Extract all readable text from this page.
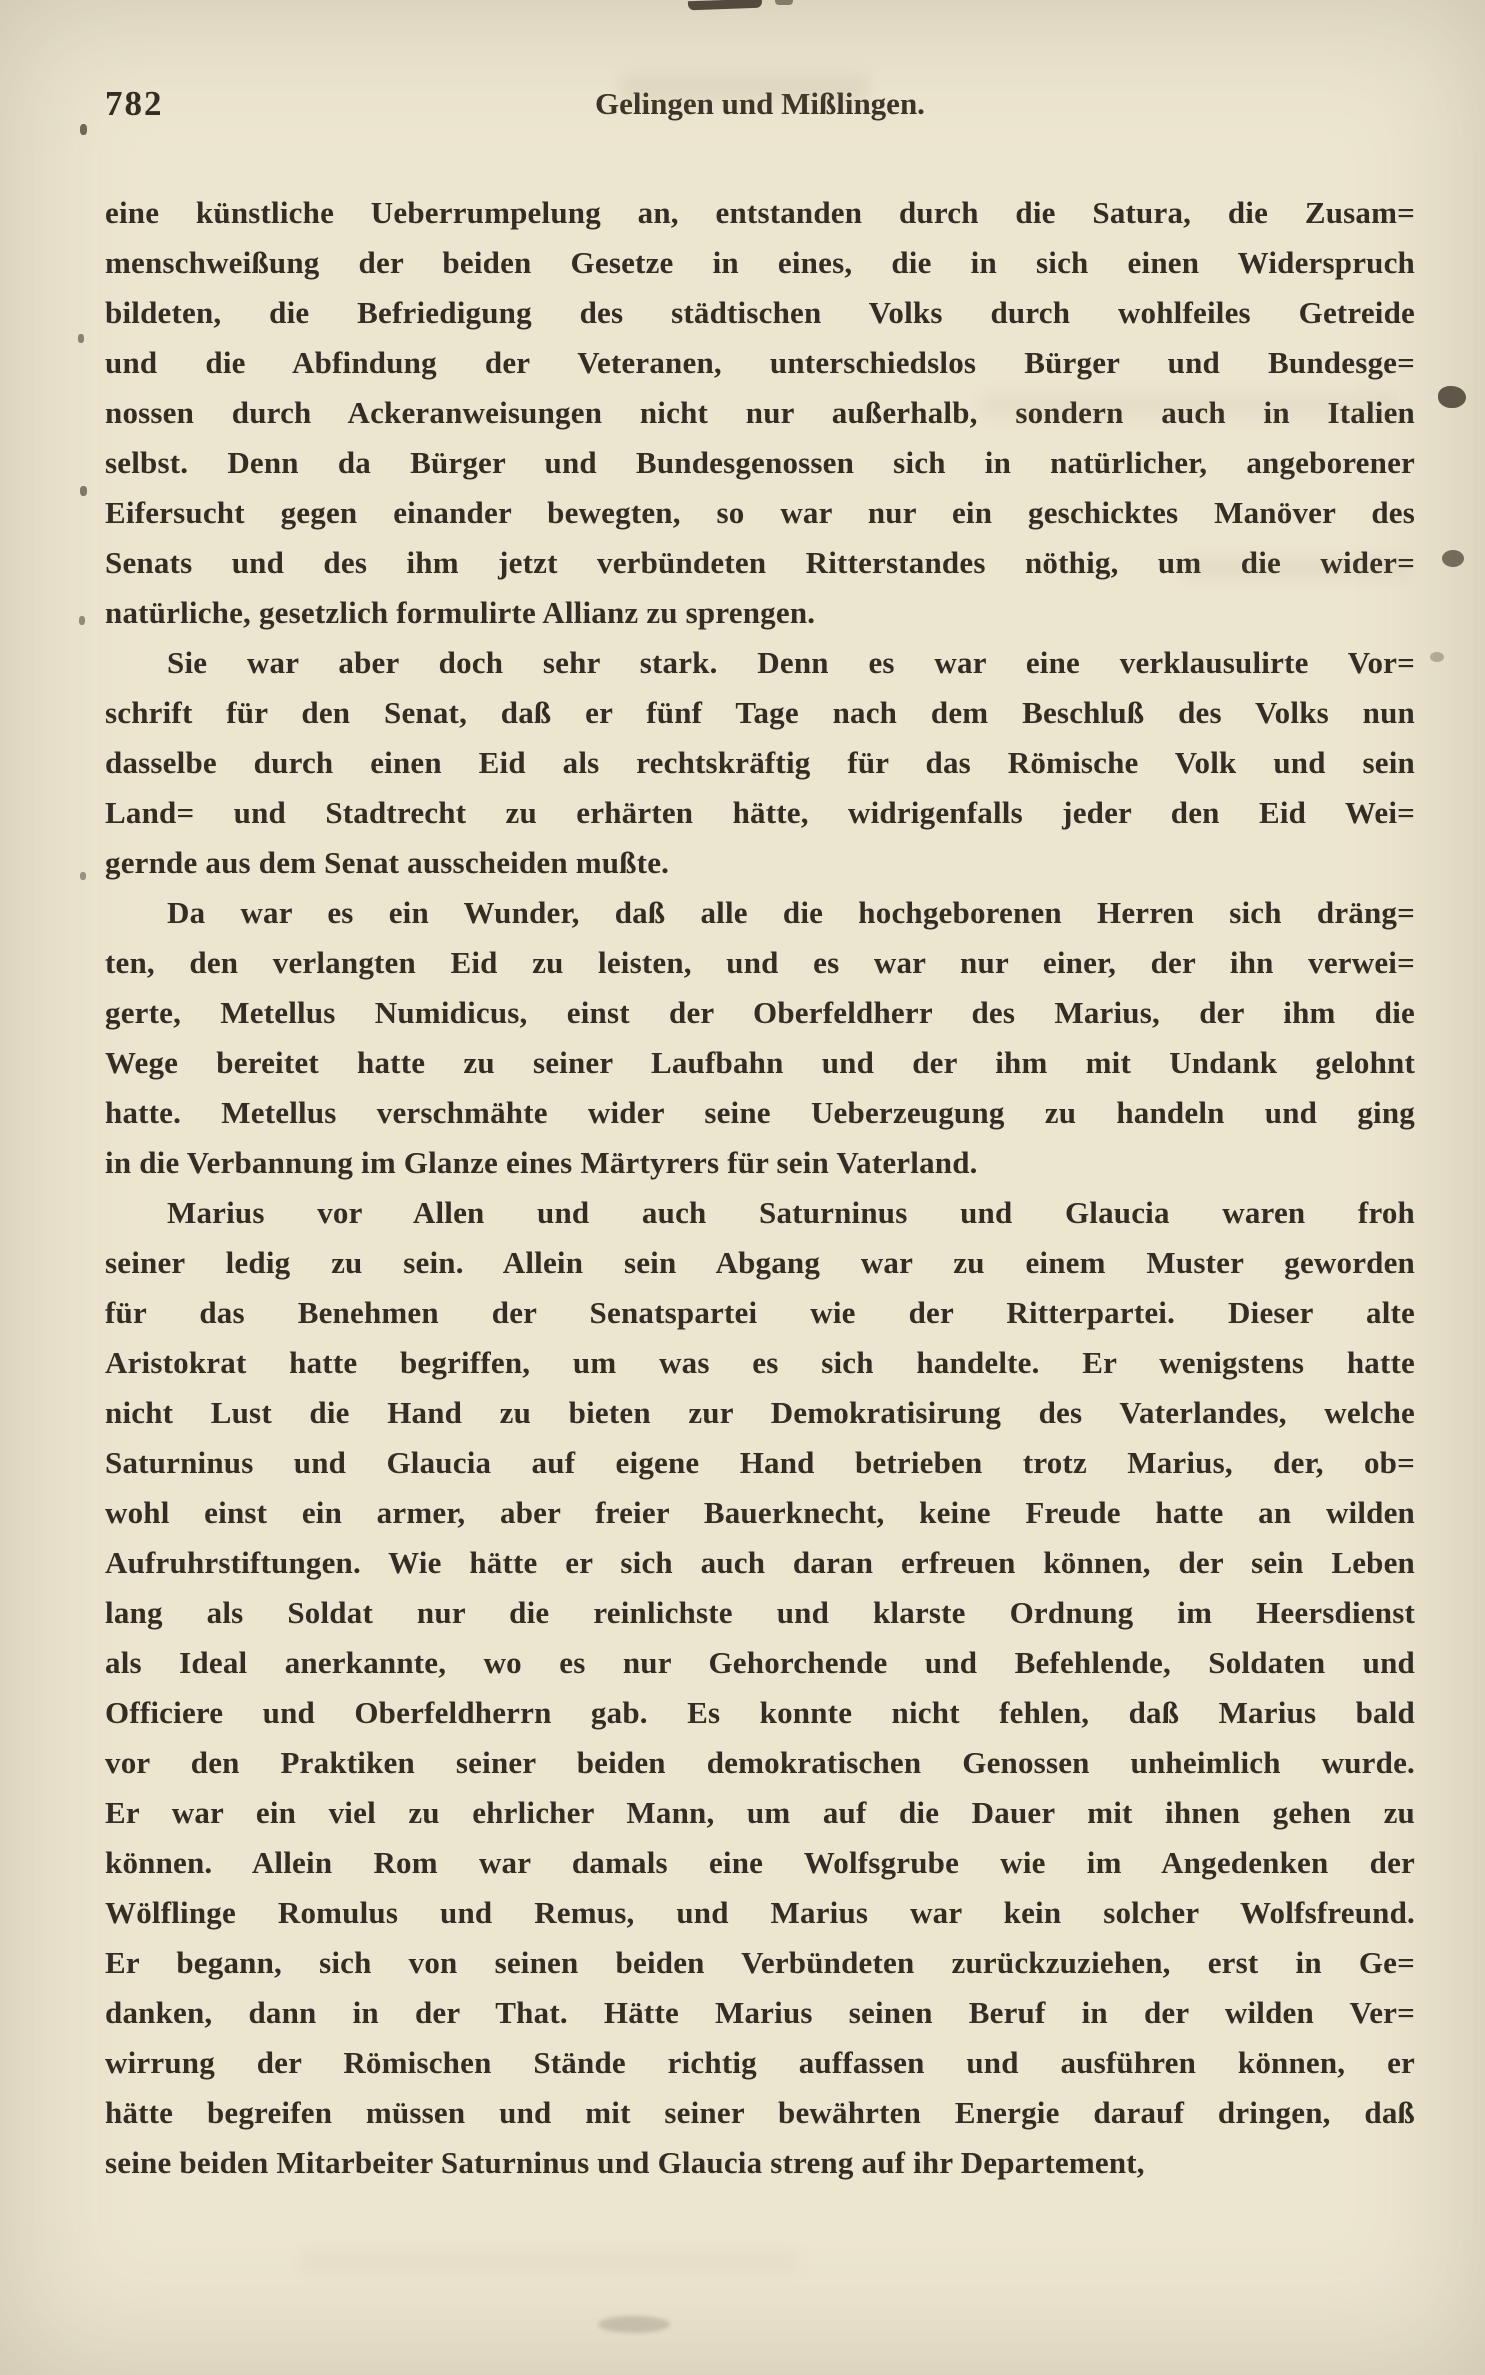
782	Gelingen und Mißlingen.
eine künstliche Ueberrumpelung an, entstanden durch die Satura, die Zusam=
menschweißung der beiden Gesetze in eines, die in sich einen Widerspruch
bildeten, die Befriedigung des städtischen Volks durch wohlfeiles Getreide
und die Abfindung der Veteranen, unterschiedslos Bürger und Bundesge=
nossen durch Ackeranweisungen nicht nur außerhalb, sondern auch in Italien
selbst. Denn da Bürger und Bundesgenossen sich in natürlicher, angeborener
Eifersucht gegen einander bewegten, so war nur ein geschicktes Manöver des
Senats und des ihm jetzt verbündeten Ritterstandes nöthig, um die wider=
natürliche, gesetzlich formulirte Allianz zu sprengen.
Sie war aber doch sehr stark. Denn es war eine verklausulirte Vor=
schrift für den Senat, daß er fünf Tage nach dem Beschluß des Volks nun
dasselbe durch einen Eid als rechtskräftig für das Römische Volk und sein
Land= und Stadtrecht zu erhärten hätte, widrigenfalls jeder den Eid Wei=
gernde aus dem Senat ausscheiden mußte.
Da war es ein Wunder, daß alle die hochgeborenen Herren sich dräng=
ten, den verlangten Eid zu leisten, und es war nur einer, der ihn verwei=
gerte, Metellus Numidicus, einst der Oberfeldherr des Marius, der ihm die
Wege bereitet hatte zu seiner Laufbahn und der ihm mit Undank gelohnt
hatte. Metellus verschmähte wider seine Ueberzeugung zu handeln und ging
in die Verbannung im Glanze eines Märtyrers für sein Vaterland.
Marius vor Allen und auch Saturninus und Glaucia waren froh
seiner ledig zu sein. Allein sein Abgang war zu einem Muster geworden
für das Benehmen der Senatspartei wie der Ritterpartei. Dieser alte
Aristokrat hatte begriffen, um was es sich handelte. Er wenigstens hatte
nicht Lust die Hand zu bieten zur Demokratisirung des Vaterlandes, welche
Saturninus und Glaucia auf eigene Hand betrieben trotz Marius, der, ob=
wohl einst ein armer, aber freier Bauerknecht, keine Freude hatte an wilden
Aufruhrstiftungen. Wie hätte er sich auch daran erfreuen können, der sein Leben
lang als Soldat nur die reinlichste und klarste Ordnung im Heersdienst
als Ideal anerkannte, wo es nur Gehorchende und Befehlende, Soldaten und
Officiere und Oberfeldherrn gab. Es konnte nicht fehlen, daß Marius bald
vor den Praktiken seiner beiden demokratischen Genossen unheimlich wurde.
Er war ein viel zu ehrlicher Mann, um auf die Dauer mit ihnen gehen zu
können. Allein Rom war damals eine Wolfsgrube wie im Angedenken der
Wölflinge Romulus und Remus, und Marius war kein solcher Wolfsfreund.
Er begann, sich von seinen beiden Verbündeten zurückzuziehen, erst in Ge=
danken, dann in der That. Hätte Marius seinen Beruf in der wilden Ver=
wirrung der Römischen Stände richtig auffassen und ausführen können, er
hätte begreifen müssen und mit seiner bewährten Energie darauf dringen, daß
seine beiden Mitarbeiter Saturninus und Glaucia streng auf ihr Departement,
